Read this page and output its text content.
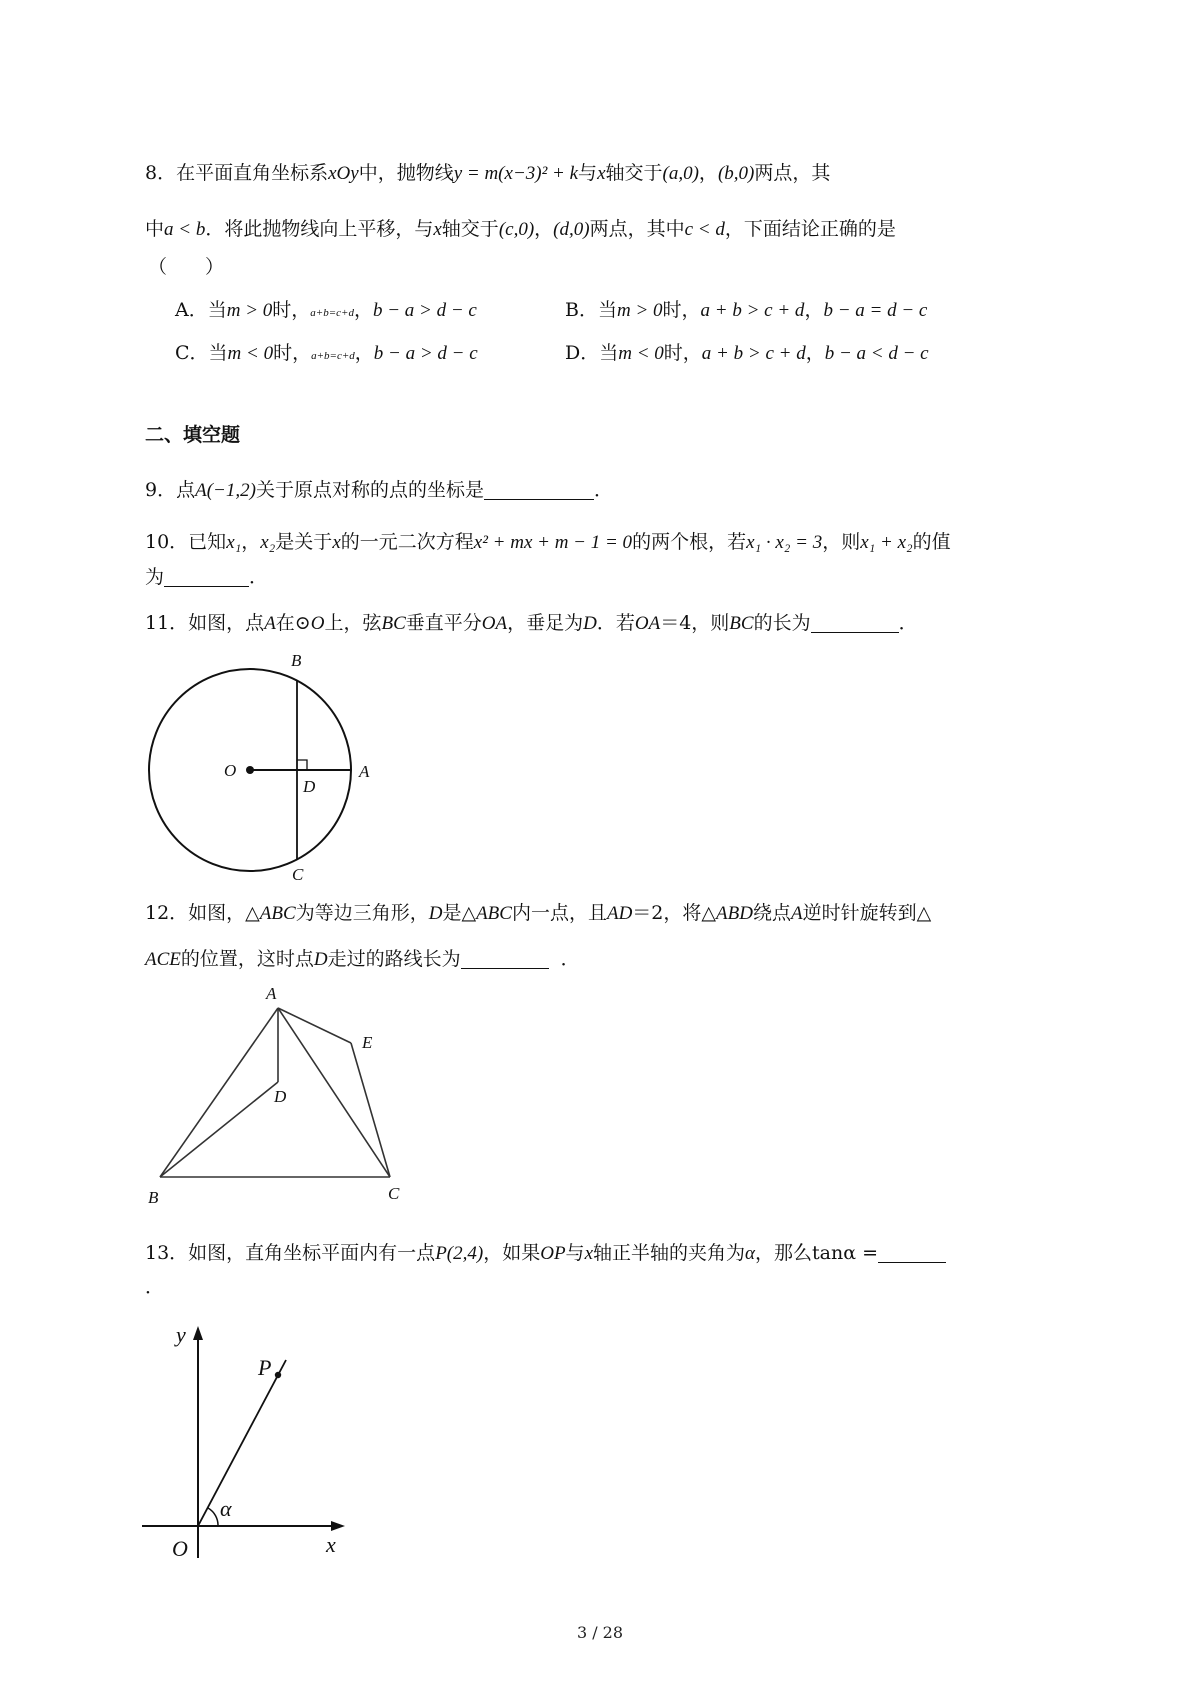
8．在平面直角坐标系xOy中，抛物线y = m(x−3)² + k与x轴交于(a,0)，(b,0)两点，其
中a < b．将此抛物线向上平移，与x轴交于(c,0)，(d,0)两点，其中c < d，下面结论正确的是
（　　）
A．当m > 0时，a+b=c+d，b − a > d − c	B．当m > 0时，a + b > c + d，b − a = d − c
C．当m < 0时，a+b=c+d，b − a > d − c	D．当m < 0时，a + b > c + d，b − a < d − c
二、填空题
9．点A(−1,2)关于原点对称的点的坐标是	．
10．已知x₁，x₂是关于x的一元二次方程x² + mx + m − 1 = 0的两个根，若x₁ · x₂ = 3，则x₁ + x₂的值
为	．
11．如图，点A在⊙O上，弦BC垂直平分OA，垂足为D．若OA＝4，则BC的长为	．
B
O
D
A
C
12．如图，△ABC为等边三角形，D是△ABC内一点，且AD＝2，将△ABD绕点A逆时针旋转到△
ACE的位置，这时点D走过的路线长为	．
A
E
D
B	C
13．如图，直角坐标平面内有一点P(2,4)，如果OP与x轴正半轴的夹角为α，那么tanα =
．
y
P
α
O	x
3 / 28
